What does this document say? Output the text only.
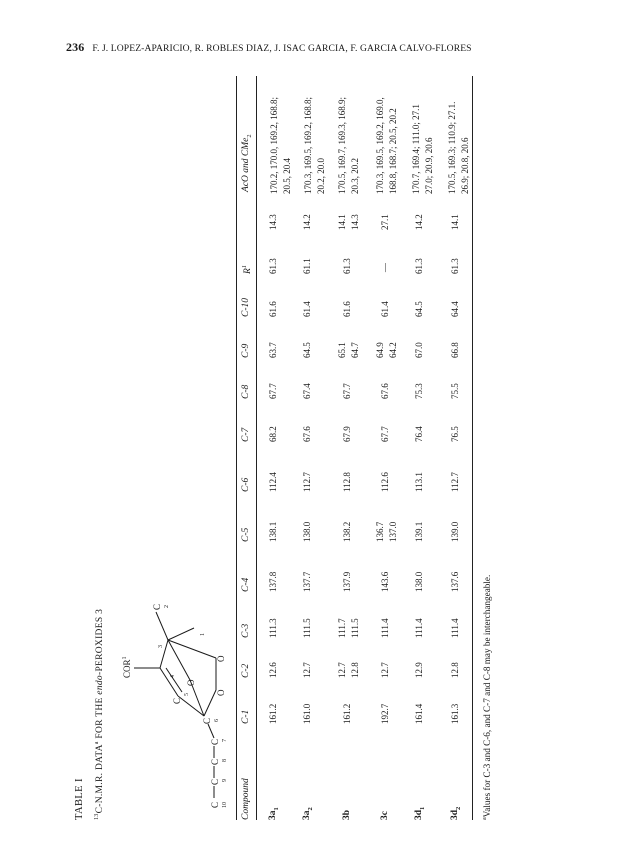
236 F. J. LOPEZ-APARICIO, R. ROBLES DIAZ, J. ISAC GARCIA, F. GARCIA CALVO-FLORES
TABLE I $^{13}$C-N.M.R. DATA$^a$ FOR THE endo-PEROXIDES 3
C 10
C 9
C 8
C 7
C 6
C
5
4
3
O
O
O
1
C 2
COR$^1$
Compound
C-1
C-2
C-3
C-4
C-5
C-6
C-7
C-8
C-9
C-10
$R^1$
AcO and CMe$_2$
$3a_1$
161.2
12.6
111.3
137.8
138.1
112.4
68.2
67.7
63.7
61.6
61.3
14.3
170.2, 170.0, 169.2, 168.8; 20.5, 20.4
$3a_2$
161.0
12.7
111.5
137.7
138.0
112.7
67.6
67.4
64.5
61.4
61.1
14.2
170.3, 169.5, 169.2, 168.8; 20.2, 20.0
3b
161.2
12.7 12.8
111.7 111.5
137.9
138.2
112.8
67.9
67.7
65.1 64.7
61.6
61.3
14.1 14.3
170.5, 169.7, 169.3, 168.9; 20.3, 20.2
3c
192.7
12.7
111.4
143.6
136.7 137.0
112.6
67.7
67.6
64.9 64.2
61.4
—
27.1
170.3, 169.5, 169.2, 169.0, 168.8, 168.7; 20.5, 20.2
$3d_1$
161.4
12.9
111.4
138.0
139.1
113.1
76.4
75.3
67.0
64.5
61.3
14.2
170.7, 169.4; 111.0; 27.1 27.0; 20.9, 20.6
$3d_2$
161.3
12.8
111.4
137.6
139.0
112.7
76.5
75.5
66.8
64.4
61.3
14.1
170.5, 169.3; 110.9; 27.1. 26.9; 20.8, 20.6
$^a$Values for C-3 and C-6, and C-7 and C-8 may be interchangeable.
